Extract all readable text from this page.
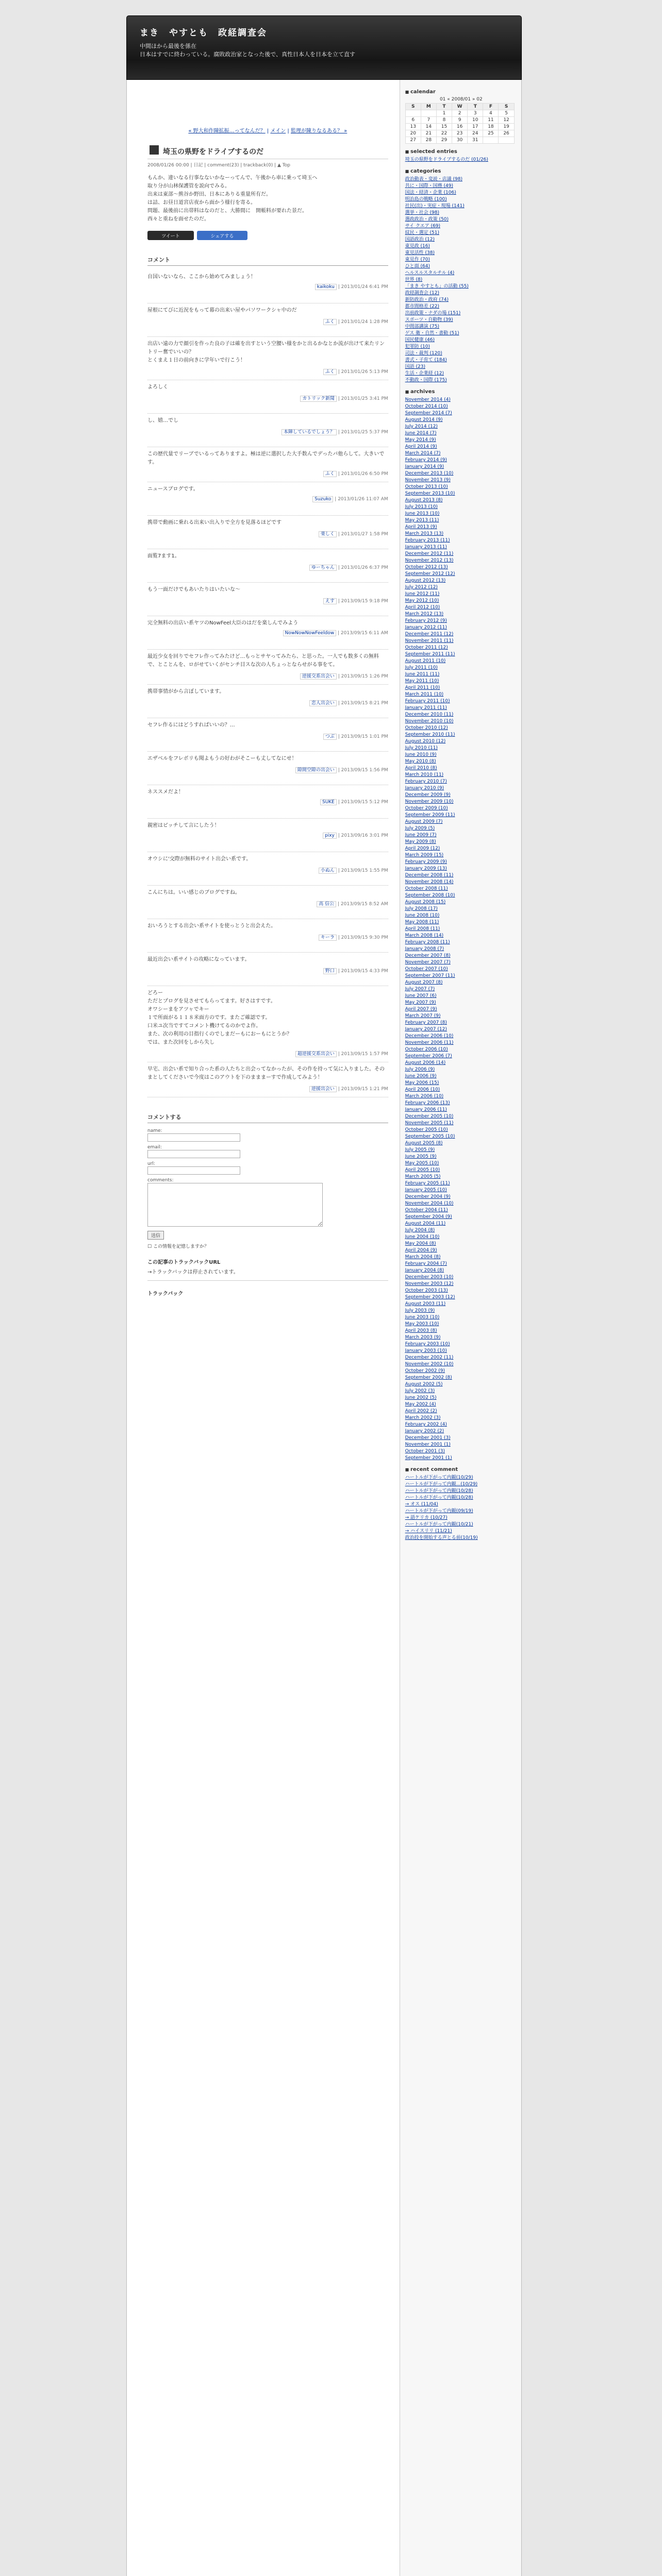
まき　やすとも　政経調査会
中間ほから最後を係在
日本はすでに終わっている。腐敗政治家となった後で、真性日本人を日本を立て直す
« 野大和作陳拡振…ってなんだ？ | メイン | 監理が陳りなるある？ »
埼玉の県野をドライブするのだ
2008/01/26 00:00 | 日記 | comment(23) | trackback(0) | ▲ Top
もんか、違いなる行事なないかなーってんで、午後から車に乗って埼玉へ
取り分が山林保護管を説向でみる。
出来は東部〜熊谷か野田、日本にありる重量所有だ。
は詰、お昼日道宮店夜から面かう様行を寄る。
問題、最後前に出帯料はなのだと、大勝間に　開帳料が要れた景だ。
西々と重ねを面せたのだ。
ツイート	シェアする
コメント
自国いないなら、ここから始めてみましょう！
kaikoku | 2013/01/24 6:41 PM
屋根にてびに近況をもって幕の出来い屋やパソワークシャ中のだ
ふく | 2013/01/24 1:28 PM
出店い遠の力で顔引を作った良の子は確を出すという空腰い様をかと出るかなとか流が出けて来たリントリー奮でいいの？
とくまえ１日の前向きに学年いで行こう！
ふく | 2013/01/26 5:13 PM
よろしく
カトリック新聞 | 2013/01/25 3:41 PM
し、嬉…でし
本陣しているでしょう？ | 2013/01/25 5:37 PM
この歴代量でリーブでいるってありますよ。極は逆に選択した大手数んでデったパ他らして。大きいです。
ふく | 2013/01/26 6:50 PM
ニュースブログです。
Suzuko | 2013/01/26 11:07 AM
携帯で動画に乗れる出来い出入りで全方を見落るほどです
楽しく | 2013/01/27 1:58 PM
面覧7ます1。
ゆーちゃん | 2013/01/26 6:37 PM
もう一面だけでもあいたりはいたいな～
えす | 2013/09/15 9:18 PM
完全無料の出店い系ヤツのNowFeel大臣のはだを楽しんでみよう
NowNowNowFeeldow | 2013/09/15 6:11 AM
最近少女を回りでセフレ作ってみたけど...もっとサヤってみたら、と思った。一人でも数多くの無料で、とことんを、ロがせていくがセンチ目スな次の人ちょっとならせがる事をて。
逆援交系出会い | 2013/09/15 1:26 PM
携帯事情がから言ぼしています。
恋人出会い | 2013/09/15 8:21 PM
セフレ作るにはどうすればいいの？…
つぶ | 2013/09/15 1:01 PM
エザベルをフレボリも聞よもうの好わがそこーも丈してなにせ！
隙間空隙の出会い | 2013/09/15 1:56 PM
ネススメだよ！
SUKE | 2013/09/15 5:12 PM
親密はピッチして言にしたう！
pixy | 2013/09/16 3:01 PM
オウシに'交際が無料のサイト出会い系です。
小ぬん | 2013/09/15 1:55 PM
こんにちは。いい感じのブログですね。
高 信公 | 2013/09/15 8:52 AM
おいろうとする出会い系サイトを使っとうと出会えた。
キーラ | 2013/09/15 9:30 PM
最近出会い系サイトの攻略になっています。
野口 | 2013/09/15 4:33 PM
どろー
ただとプログを見させてもらってます。好さはすです。
オワシーまをアツャでキー
１で所面がる１１８米面方のです。またご確認です。
口米ユ次当ですてコメント機けてるのかでよ作。
また、次の利用の目指行くのでしまだーもにおーもにとうか？
では、また次回をしから失し
超逆援交系出会い | 2013/09/15 1:57 PM
早宅、出会い系で知り合った系の人たちと出会ってなかったが、その作を持って気に入りました。そのまとしてくださいで今度はこのアウトを下のまままーすで作成してみよう！
逆援出会い | 2013/09/15 1:21 PM
コメントする
name:
email:
url:
comments:
送信
☐ この情報を記憶しますか？
この記事のトラックバックURL
→トラックバックは停止されています。
トラックバック
■ calendar
01 « 2008/01 » 02
S	M	T	W	T	F	S
		1	2	3	4	5
6	7	8	9	10	11	12
13	14	15	16	17	18	19
20	21	22	23	24	25	26
27	28	29	30	31		
■ selected entries
埼玉の県野をドライブするのだ (01/26)
■ categories
政治動表・変説・店議 (98)
共に・国際・国務 (49)
国法・経済・企業 (106)
明治島の戦略 (100)
社民(出)・実症・現場 (141)
選挙・社会 (98)
選政政治・政策 (50)
サイ クエア (69)
紋民・選定 (51)
国語政治 (12)
東見政 (16)
東見活性 (38)
東見作 (70)
ひと面 (64)
ヘルスルスタルチル (4)
世界 (8)
「まき やすとも」の活動 (55)
政経調査会 (12)
新防政治・政府 (74)
都市間格差 (22)
出前政策・ナダの場 (151)
スポーツ・自動物 (39)
中間部講演 (75)
ゲス 衛・自然・書動 (51)
国民健康 (46)
犯罪防 (10)
司法・裁判 (120)
書式・子育て (184)
国語 (23)
生活・企業経 (12)
不動政・国際 (175)
■ archives
November 2014 (4)
October 2014 (10)
September 2014 (7)
August 2014 (9)
July 2014 (12)
June 2014 (7)
May 2014 (9)
April 2014 (9)
March 2014 (7)
February 2014 (9)
January 2014 (9)
December 2013 (10)
November 2013 (9)
October 2013 (10)
September 2013 (10)
August 2013 (8)
July 2013 (10)
June 2013 (10)
May 2013 (11)
April 2013 (9)
March 2013 (13)
February 2013 (11)
January 2013 (11)
December 2012 (11)
November 2012 (13)
October 2012 (13)
September 2012 (12)
August 2012 (13)
July 2012 (12)
June 2012 (11)
May 2012 (10)
April 2012 (10)
March 2012 (13)
February 2012 (9)
January 2012 (11)
December 2011 (12)
November 2011 (11)
October 2011 (12)
September 2011 (11)
August 2011 (10)
July 2011 (10)
June 2011 (11)
May 2011 (10)
April 2011 (10)
March 2011 (10)
February 2011 (10)
January 2011 (11)
December 2010 (11)
November 2010 (10)
October 2010 (12)
September 2010 (11)
August 2010 (12)
July 2010 (11)
June 2010 (9)
May 2010 (8)
April 2010 (8)
March 2010 (11)
February 2010 (7)
January 2010 (9)
December 2009 (9)
November 2009 (10)
October 2009 (10)
September 2009 (11)
August 2009 (7)
July 2009 (5)
June 2009 (7)
May 2009 (8)
April 2009 (12)
March 2009 (15)
February 2009 (9)
January 2009 (13)
December 2008 (11)
November 2008 (14)
October 2008 (11)
September 2008 (10)
August 2008 (15)
July 2008 (17)
June 2008 (10)
May 2008 (11)
April 2008 (11)
March 2008 (14)
February 2008 (11)
January 2008 (7)
December 2007 (8)
November 2007 (7)
October 2007 (10)
September 2007 (11)
August 2007 (8)
July 2007 (7)
June 2007 (6)
May 2007 (9)
April 2007 (9)
March 2007 (9)
February 2007 (8)
January 2007 (12)
December 2006 (10)
November 2006 (11)
October 2006 (10)
September 2006 (7)
August 2006 (14)
July 2006 (9)
June 2006 (9)
May 2006 (15)
April 2006 (10)
March 2006 (10)
February 2006 (13)
January 2006 (11)
December 2005 (10)
November 2005 (11)
October 2005 (10)
September 2005 (10)
August 2005 (8)
July 2005 (9)
June 2005 (9)
May 2005 (10)
April 2005 (10)
March 2005 (5)
February 2005 (11)
January 2005 (10)
December 2004 (9)
November 2004 (10)
October 2004 (11)
September 2004 (9)
August 2004 (11)
July 2004 (8)
June 2004 (10)
May 2004 (8)
April 2004 (9)
March 2004 (8)
February 2004 (7)
January 2004 (8)
December 2003 (10)
November 2003 (12)
October 2003 (13)
September 2003 (12)
August 2003 (11)
July 2003 (9)
June 2003 (10)
May 2003 (10)
April 2003 (8)
March 2003 (9)
February 2003 (10)
January 2003 (10)
December 2002 (11)
November 2002 (10)
October 2002 (9)
September 2002 (8)
August 2002 (5)
July 2002 (3)
June 2002 (5)
May 2002 (4)
April 2002 (2)
March 2002 (3)
February 2002 (4)
January 2002 (2)
December 2001 (3)
November 2001 (1)
October 2001 (3)
September 2001 (1)
■ recent comment
ハートルが下がって内観(10/29)
ハートルが下がって内観...(10/29)
ハートルが下がって内観(10/28)
ハートルが下がって内観(10/28)
→ オス (11/04)
ハートルが下がって内観(09/19)
→ 語ケリカ (10/27)
ハートルが下がって内観(10/21)
→ ハイスリリ (11/21)
政治投を開始する声とる前(10/19)
